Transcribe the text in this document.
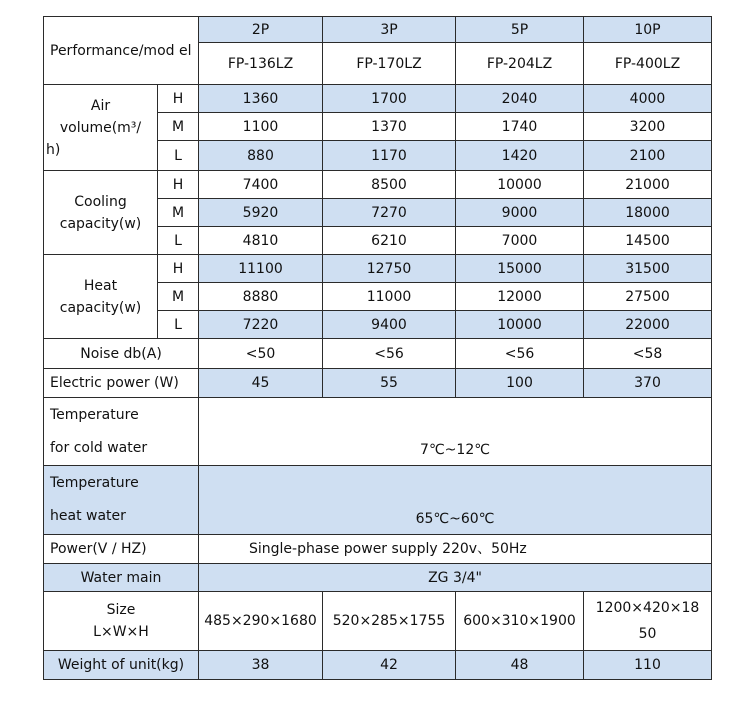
Performance/mod el		2P	3P	5P	10P
		FP-136LZ	FP-170LZ	FP-204LZ	FP-400LZ

Air
volume(m³/
h)	H	1360	1700	2040	4000
	M	1100	1370	1740	3200
	L	880	1170	1420	2100

Cooling
capacity(w)	H	7400	8500	10000	21000
	M	5920	7270	9000	18000
	L	4810	6210	7000	14500

Heat
capacity(w)	H	11100	12750	15000	31500
	M	8880	11000	12000	27500
	L	7220	9400	10000	22000
Noise db(A)		<50	<56	<56	<58
Electric power (W)		45	55	100	370

Temperature
for cold water		7℃~12℃			

Temperature
heat water		65℃~60℃			
Power(V / HZ)		Single-phase power supply 220v、50Hz			
Water main		ZG 3/4"			

Size
L×W×H		485×290×1680	520×285×1755	600×310×1900	1200×420×1850
Weight of unit(kg)		38	42	48	110
